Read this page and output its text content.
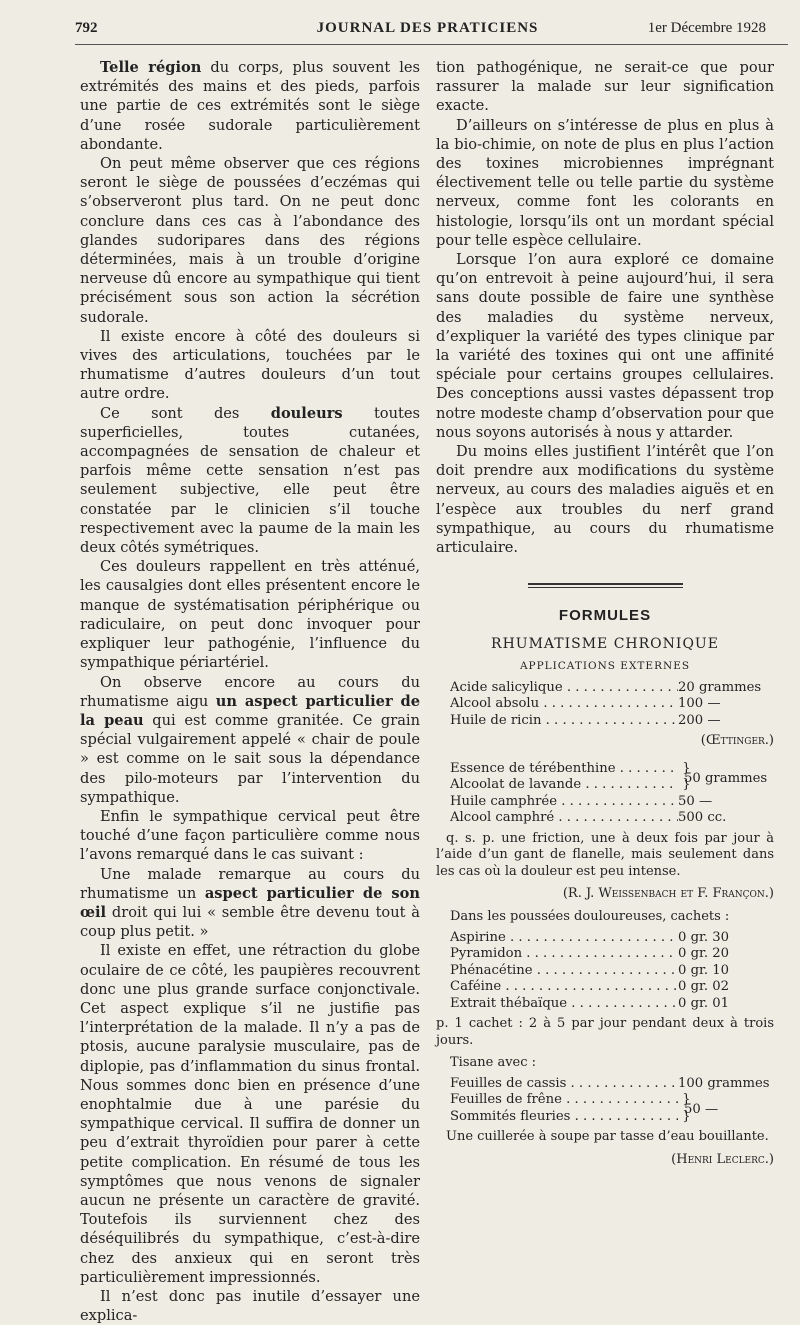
792	JOURNAL DES PRATICIENS	1er Décembre 1928

Telle région du corps, plus souvent les extrémités des mains et des pieds, parfois une partie de ces extrémités sont le siège d’une rosée sudorale particulièrement abondante.

On peut même observer que ces régions seront le siège de poussées d’eczémas qui s’observeront plus tard. On ne peut donc conclure dans ces cas à l’abondance des glandes sudoripares dans des régions déterminées, mais à un trouble d’origine nerveuse dû encore au sympathique qui tient précisément sous son action la sécrétion sudorale.

Il existe encore à côté des douleurs si vives des articulations, touchées par le rhumatisme d’autres douleurs d’un tout autre ordre.

Ce sont des douleurs toutes superficielles, toutes cutanées, accompagnées de sensation de chaleur et parfois même cette sensation n’est pas seulement subjective, elle peut être constatée par le clinicien s’il touche respectivement avec la paume de la main les deux côtés symétriques.

Ces douleurs rappellent en très atténué, les causalgies dont elles présentent encore le manque de systématisation périphérique ou radiculaire, on peut donc invoquer pour expliquer leur pathogénie, l’influence du sympathique périartériel.

On observe encore au cours du rhumatisme aigu un aspect particulier de la peau qui est comme granitée. Ce grain spécial vulgairement appelé « chair de poule » est comme on le sait sous la dépendance des pilo-moteurs par l’intervention du sympathique.

Enfin le sympathique cervical peut être touché d’une façon particulière comme nous l’avons remarqué dans le cas suivant :

Une malade remarque au cours du rhumatisme un aspect particulier de son œil droit qui lui « semble être devenu tout à coup plus petit. »

Il existe en effet, une rétraction du globe oculaire de ce côté, les paupières recouvrent donc une plus grande surface conjonctivale. Cet aspect explique s’il ne justifie pas l’interprétation de la malade. Il n’y a pas de ptosis, aucune paralysie musculaire, pas de diplopie, pas d’inflammation du sinus frontal. Nous sommes donc bien en présence d’une enophtalmie due à une parésie du sympathique cervical. Il suffira de donner un peu d’extrait thyroïdien pour parer à cette petite complication. En résumé de tous les symptômes que nous venons de signaler aucun ne présente un caractère de gravité. Toutefois ils surviennent chez des déséquilibrés du sympathique, c’est-à-dire chez des anxieux qui en seront très particulièrement impressionnés.

Il n’est donc pas inutile d’essayer une explica-

tion pathogénique, ne serait-ce que pour rassurer la malade sur leur signification exacte.

D’ailleurs on s’intéresse de plus en plus à la bio-chimie, on note de plus en plus l’action des toxines microbiennes imprégnant électivement telle ou telle partie du système nerveux, comme font les colorants en histologie, lorsqu’ils ont un mordant spécial pour telle espèce cellulaire.

Lorsque l’on aura exploré ce domaine qu’on entrevoit à peine aujourd’hui, il sera sans doute possible de faire une synthèse des maladies du système nerveux, d’expliquer la variété des types clinique par la variété des toxines qui ont une affinité spéciale pour certains groupes cellulaires. Des conceptions aussi vastes dépassent trop notre modeste champ d’observation pour que nous soyons autorisés à nous y attarder.

Du moins elles justifient l’intérêt que l’on doit prendre aux modifications du système nerveux, au cours des maladies aiguës et en l’espèce aux troubles du nerf grand sympathique, au cours du rhumatisme articulaire.

FORMULES
RHUMATISME CHRONIQUE
APPLICATIONS EXTERNES
Acide salicylique . . .	20 grammes
Alcool absolu . . .	100 —
Huile de ricin . . .	200 —
(Œttinger.)
Essence de térébenthine . . .	}
Alcoolat de lavande . . .	}
50 grammes
Huile camphrée . . .	50 —
Alcool camphré . . .	500 cc.
q. s. p. une friction, une à deux fois par jour à l’aide d’un gant de flanelle, mais seulement dans les cas où la douleur est peu intense.
(R. J. Weissenbach et F. Françon.)
Dans les poussées douloureuses, cachets :
Aspirine . . .	0 gr. 30
Pyramidon . . .	0 gr. 20
Phénacétine . . .	0 gr. 10
Caféine . . .	0 gr. 02
Extrait thébaïque . . .	0 gr. 01
p. 1 cachet : 2 à 5 par jour pendant deux à trois jours.
Tisane avec :
Feuilles de cassis . . .	100 grammes
Feuilles de frêne . . .	}
Sommités fleuries . . .	}
50 —
Une cuillerée à soupe par tasse d’eau bouillante.
(Henri Leclerc.)
